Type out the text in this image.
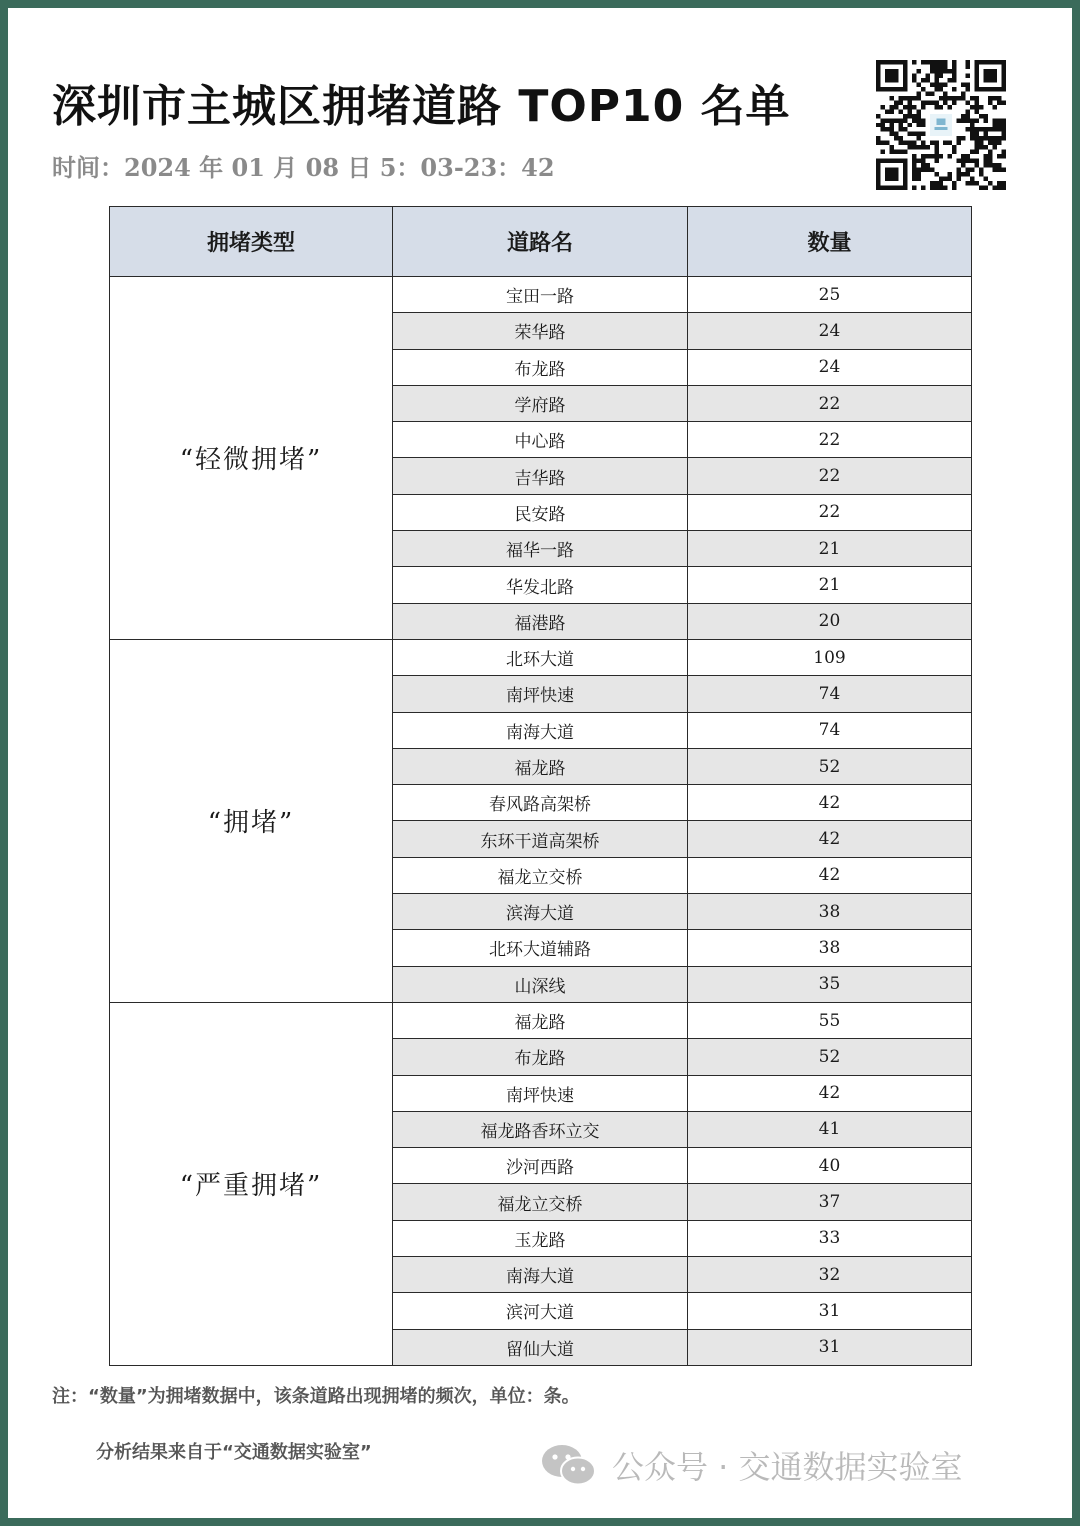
深圳市主城区拥堵道路 TOP10 名单
时间：2024 年 01 月 08 日 5：03-23：42
拥堵类型	道路名	数量
“轻微拥堵”	宝田一路	25
	荣华路	24
	布龙路	24
	学府路	22
	中心路	22
	吉华路	22
	民安路	22
	福华一路	21
	华发北路	21
	福港路	20
“拥堵”	北环大道	109
	南坪快速	74
	南海大道	74
	福龙路	52
	春风路高架桥	42
	东环干道高架桥	42
	福龙立交桥	42
	滨海大道	38
	北环大道辅路	38
	山深线	35
“严重拥堵”	福龙路	55
	布龙路	52
	南坪快速	42
	福龙路香环立交	41
	沙河西路	40
	福龙立交桥	37
	玉龙路	33
	南海大道	32
	滨河大道	31
	留仙大道	31
注：“数量”为拥堵数据中，该条道路出现拥堵的频次，单位：条。
分析结果来自于“交通数据实验室”	公众号 · 交通数据实验室
